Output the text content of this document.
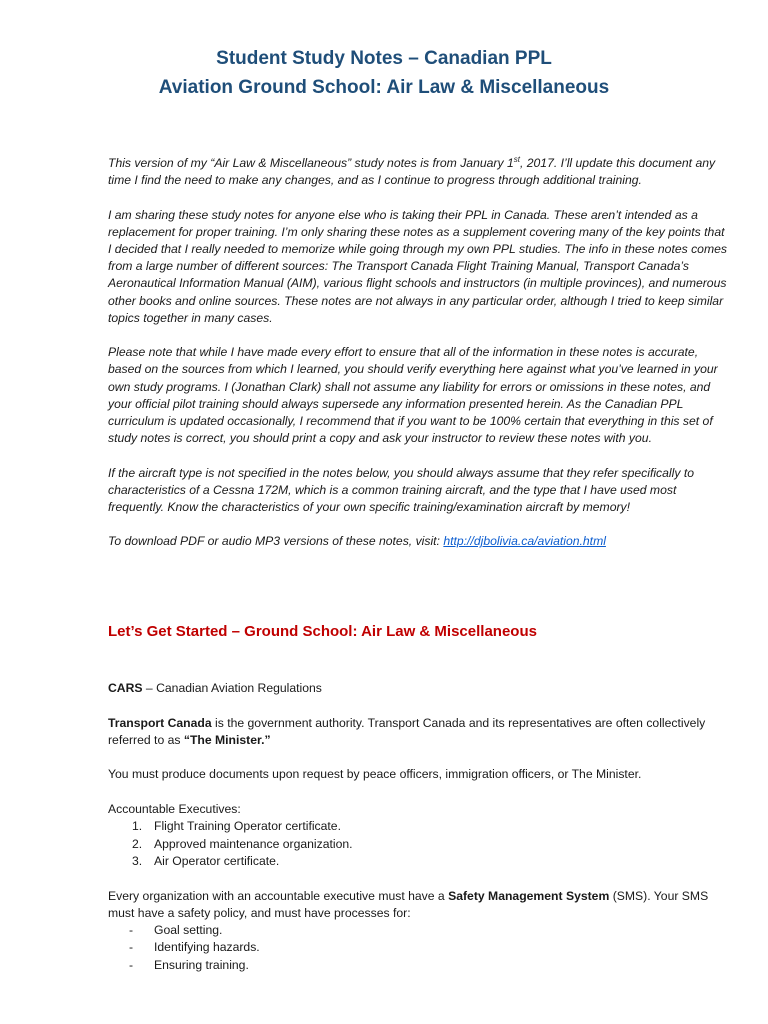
Student Study Notes – Canadian PPL
Aviation Ground School: Air Law & Miscellaneous

This version of my “Air Law & Miscellaneous” study notes is from January 1st, 2017. I’ll update this document any time I find the need to make any changes, and as I continue to progress through additional training.

I am sharing these study notes for anyone else who is taking their PPL in Canada. These aren’t intended as a replacement for proper training. I’m only sharing these notes as a supplement covering many of the key points that I decided that I really needed to memorize while going through my own PPL studies. The info in these notes comes from a large number of different sources: The Transport Canada Flight Training Manual, Transport Canada’s Aeronautical Information Manual (AIM), various flight schools and instructors (in multiple provinces), and numerous other books and online sources. These notes are not always in any particular order, although I tried to keep similar topics together in many cases.

Please note that while I have made every effort to ensure that all of the information in these notes is accurate, based on the sources from which I learned, you should verify everything here against what you’ve learned in your own study programs. I (Jonathan Clark) shall not assume any liability for errors or omissions in these notes, and your official pilot training should always supersede any information presented herein. As the Canadian PPL curriculum is updated occasionally, I recommend that if you want to be 100% certain that everything in this set of study notes is correct, you should print a copy and ask your instructor to review these notes with you.

If the aircraft type is not specified in the notes below, you should always assume that they refer specifically to characteristics of a Cessna 172M, which is a common training aircraft, and the type that I have used most frequently. Know the characteristics of your own specific training/examination aircraft by memory!

To download PDF or audio MP3 versions of these notes, visit: http://djbolivia.ca/aviation.html

Let’s Get Started – Ground School: Air Law & Miscellaneous

CARS – Canadian Aviation Regulations

Transport Canada is the government authority. Transport Canada and its representatives are often collectively referred to as “The Minister.”

You must produce documents upon request by peace officers, immigration officers, or The Minister.

Accountable Executives:
1. Flight Training Operator certificate.
2. Approved maintenance organization.
3. Air Operator certificate.
Every organization with an accountable executive must have a Safety Management System (SMS). Your SMS must have a safety policy, and must have processes for:
- Goal setting.
- Identifying hazards.
- Ensuring training.
